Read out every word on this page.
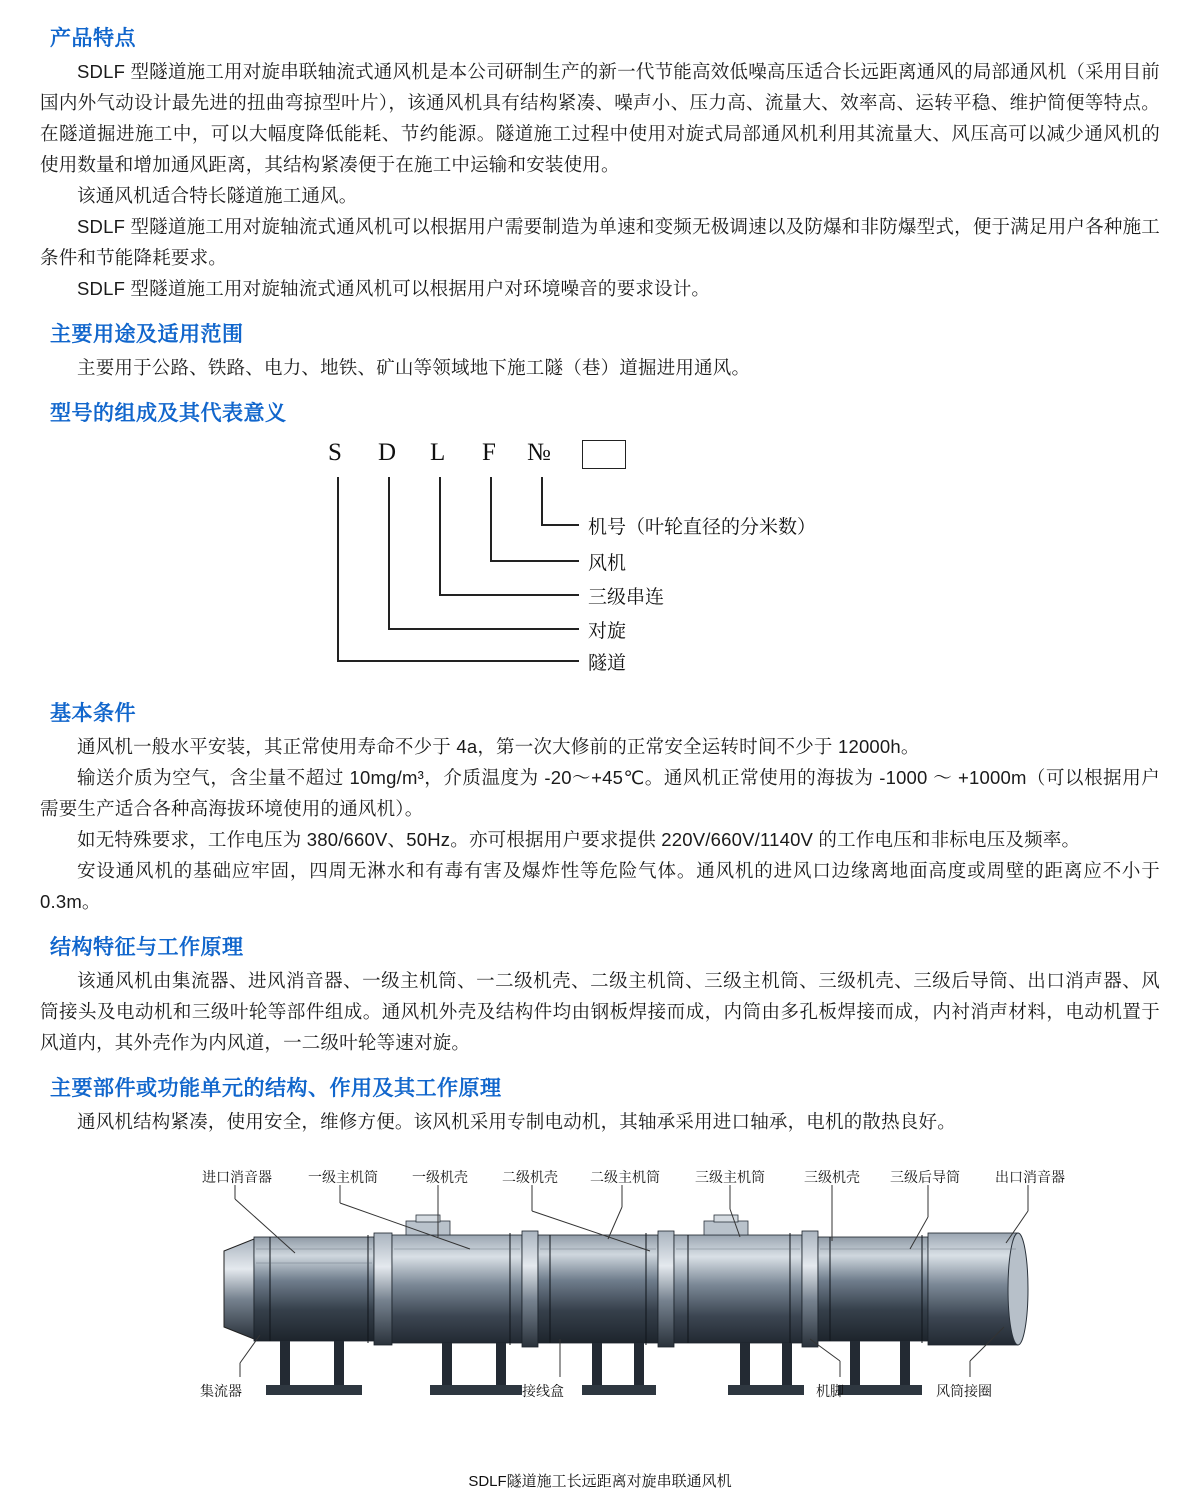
产品特点

SDLF 型隧道施工用对旋串联轴流式通风机是本公司研制生产的新一代节能高效低噪高压适合长远距离通风的局部通风机（采用目前国内外气动设计最先进的扭曲弯掠型叶片），该通风机具有结构紧凑、噪声小、压力高、流量大、效率高、运转平稳、维护简便等特点。在隧道掘进施工中，可以大幅度降低能耗、节约能源。隧道施工过程中使用对旋式局部通风机利用其流量大、风压高可以减少通风机的使用数量和增加通风距离，其结构紧凑便于在施工中运输和安装使用。

该通风机适合特长隧道施工通风。

SDLF 型隧道施工用对旋轴流式通风机可以根据用户需要制造为单速和变频无极调速以及防爆和非防爆型式，便于满足用户各种施工条件和节能降耗要求。

SDLF 型隧道施工用对旋轴流式通风机可以根据用户对环境噪音的要求设计。

主要用途及适用范围

主要用于公路、铁路、电力、地铁、矿山等领域地下施工隧（巷）道掘进用通风。

型号的组成及其代表意义
S D L F №
机号（叶轮直径的分米数）
风机
三级串连
对旋
隧道
基本条件

通风机一般水平安装，其正常使用寿命不少于 4a，第一次大修前的正常安全运转时间不少于 12000h。

输送介质为空气，含尘量不超过 10mg/m³，介质温度为 -20～+45℃。通风机正常使用的海拔为 -1000 ～ +1000m（可以根据用户需要生产适合各种高海拔环境使用的通风机）。

如无特殊要求，工作电压为 380/660V、50Hz。亦可根据用户要求提供 220V/660V/1140V 的工作电压和非标电压及频率。

安设通风机的基础应牢固，四周无淋水和有毒有害及爆炸性等危险气体。通风机的进风口边缘离地面高度或周壁的距离应不小于 0.3m。

结构特征与工作原理

该通风机由集流器、进风消音器、一级主机筒、一二级机壳、二级主机筒、三级主机筒、三级机壳、三级后导筒、出口消声器、风筒接头及电动机和三级叶轮等部件组成。通风机外壳及结构件均由钢板焊接而成，内筒由多孔板焊接而成，内衬消声材料，电动机置于风道内，其外壳作为内风道，一二级叶轮等速对旋。

主要部件或功能单元的结构、作用及其工作原理

通风机结构紧凑，使用安全，维修方便。该风机采用专制电动机，其轴承采用进口轴承，电机的散热良好。

进口消音器	一级主机筒 一级机壳 二级机壳 二级主机筒	三级主机筒	三级机壳 三级后导筒	出口消音器
集流器	接线盒	机脚	风筒接圈
SDLF隧道施工长远距离对旋串联通风机
